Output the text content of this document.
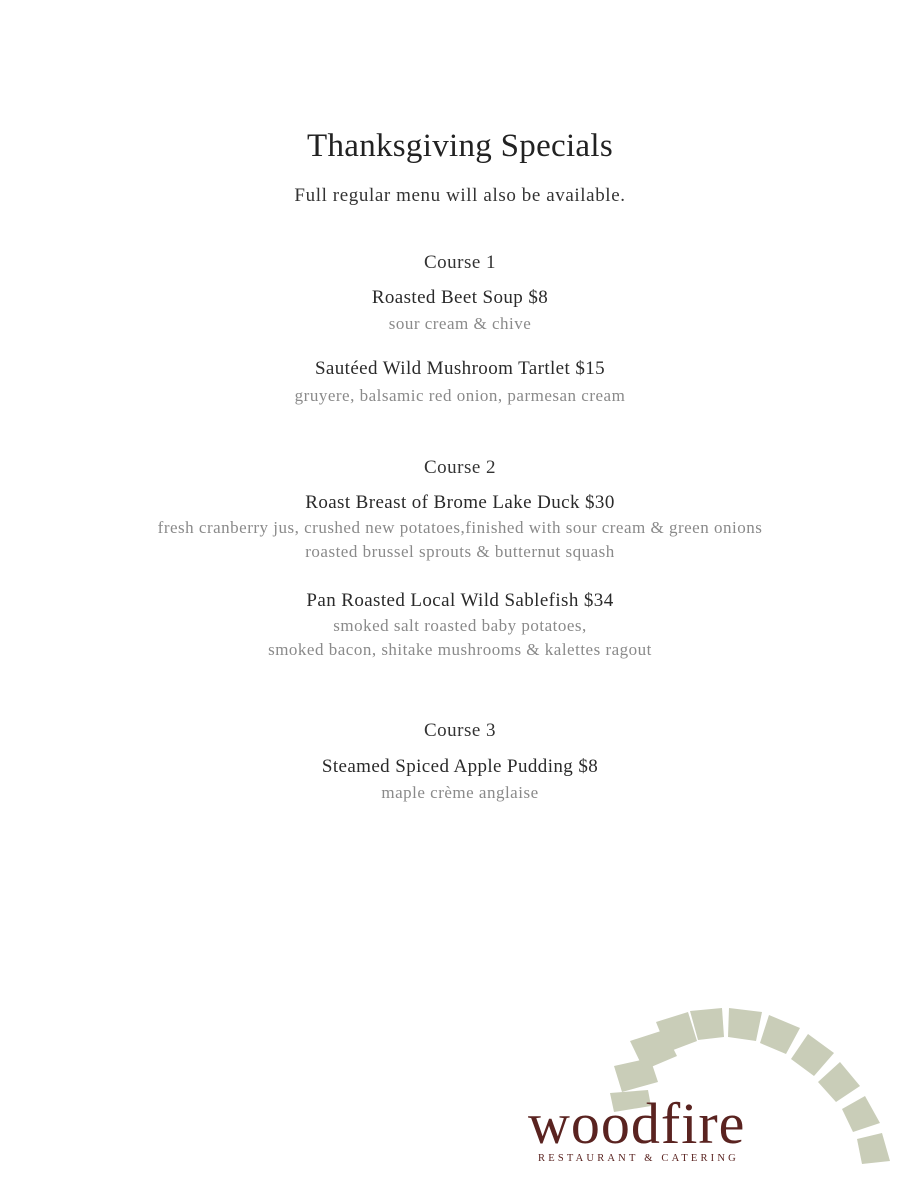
Thanksgiving Specials
Full regular menu will also be available.
Course 1
Roasted Beet Soup $8
sour cream & chive
Sautéed Wild Mushroom Tartlet $15
gruyere, balsamic red onion, parmesan cream
Course 2
Roast Breast of Brome Lake Duck $30
fresh cranberry jus, crushed new potatoes,finished with sour cream & green onions
roasted brussel sprouts & butternut squash
Pan Roasted Local Wild Sablefish $34
smoked salt roasted baby potatoes,
smoked bacon, shitake mushrooms & kalettes ragout
Course 3
Steamed Spiced Apple Pudding $8
maple crème anglaise
woodfire
RESTAURANT & CATERING
